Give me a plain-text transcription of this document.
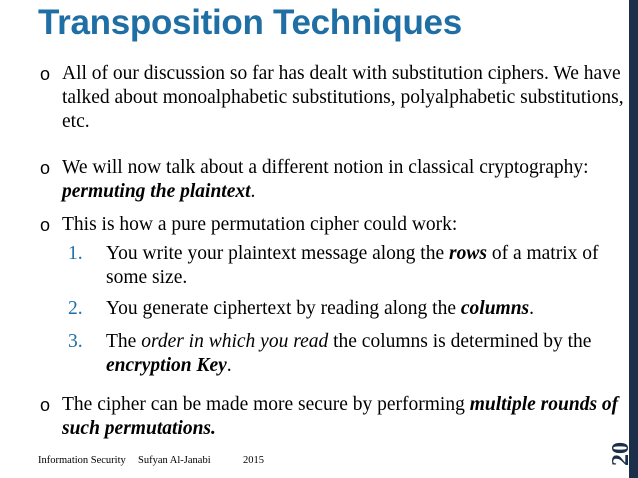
Transposition Techniques
o All of our discussion so far has dealt with substitution ciphers. We have talked about monoalphabetic substitutions, polyalphabetic substitutions, etc.
o We will now talk about a different notion in classical cryptography: permuting the plaintext.
o This is how a pure permutation cipher could work:
1. You write your plaintext message along the rows of a matrix of some size.
2. You generate ciphertext by reading along the columns.
3. The order in which you read the columns is determined by the encryption Key.
o The cipher can be made more secure by performing multiple rounds of such permutations.
Information Security Sufyan Al-Janabi	2015	20
